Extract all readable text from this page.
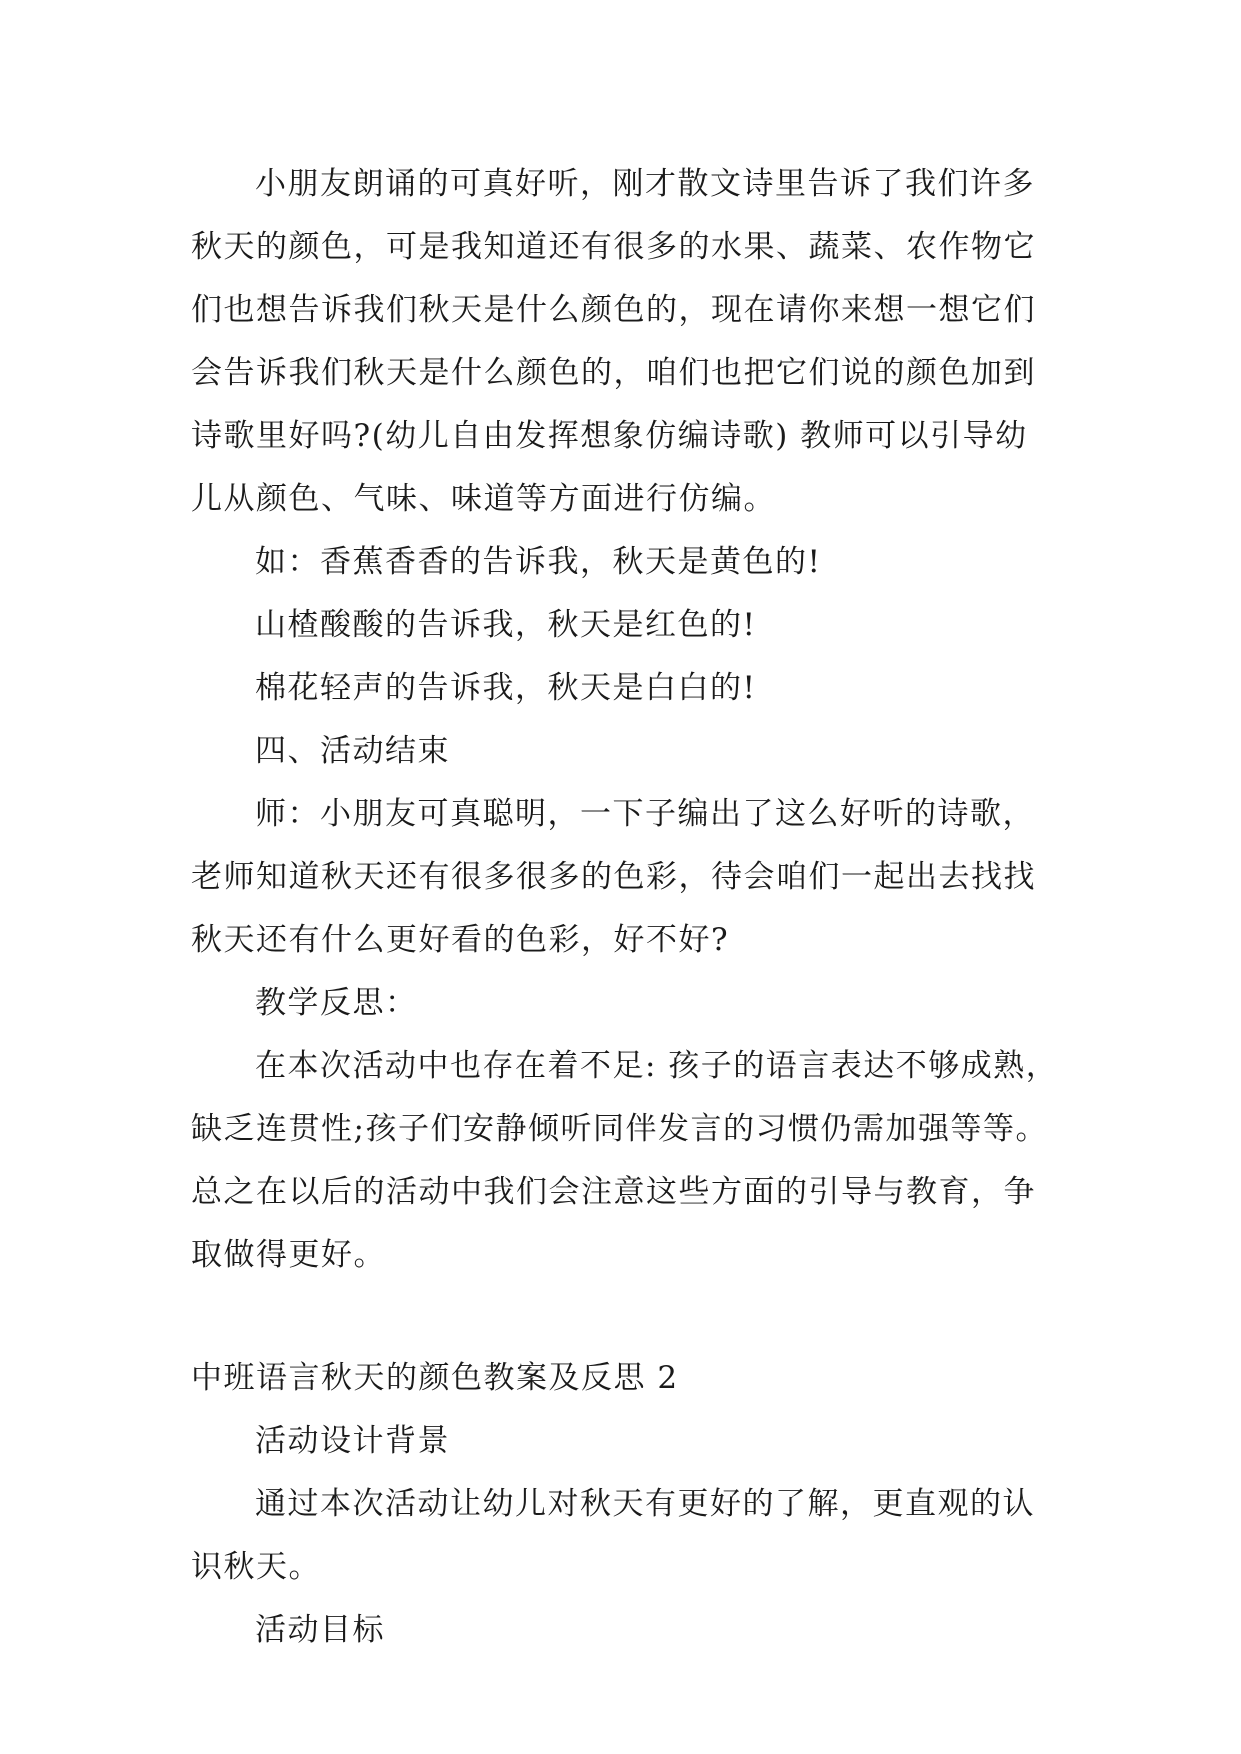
小朋友朗诵的可真好听，刚才散文诗里告诉了我们许多
秋天的颜色，可是我知道还有很多的水果、蔬菜、农作物它
们也想告诉我们秋天是什么颜色的，现在请你来想一想它们
会告诉我们秋天是什么颜色的，咱们也把它们说的颜色加到
诗歌里好吗?(幼儿自由发挥想象仿编诗歌) 教师可以引导幼
儿从颜色、气味、味道等方面进行仿编。

如：香蕉香香的告诉我，秋天是黄色的!

山楂酸酸的告诉我，秋天是红色的!

棉花轻声的告诉我，秋天是白白的!

四、活动结束

师：小朋友可真聪明，一下子编出了这么好听的诗歌，
老师知道秋天还有很多很多的色彩，待会咱们一起出去找找
秋天还有什么更好看的色彩，好不好?

教学反思：

在本次活动中也存在着不足: 孩子的语言表达不够成熟，
缺乏连贯性;孩子们安静倾听同伴发言的习惯仍需加强等等。
总之在以后的活动中我们会注意这些方面的引导与教育，争
取做得更好。

中班语言秋天的颜色教案及反思 2

活动设计背景

通过本次活动让幼儿对秋天有更好的了解，更直观的认
识秋天。

活动目标
